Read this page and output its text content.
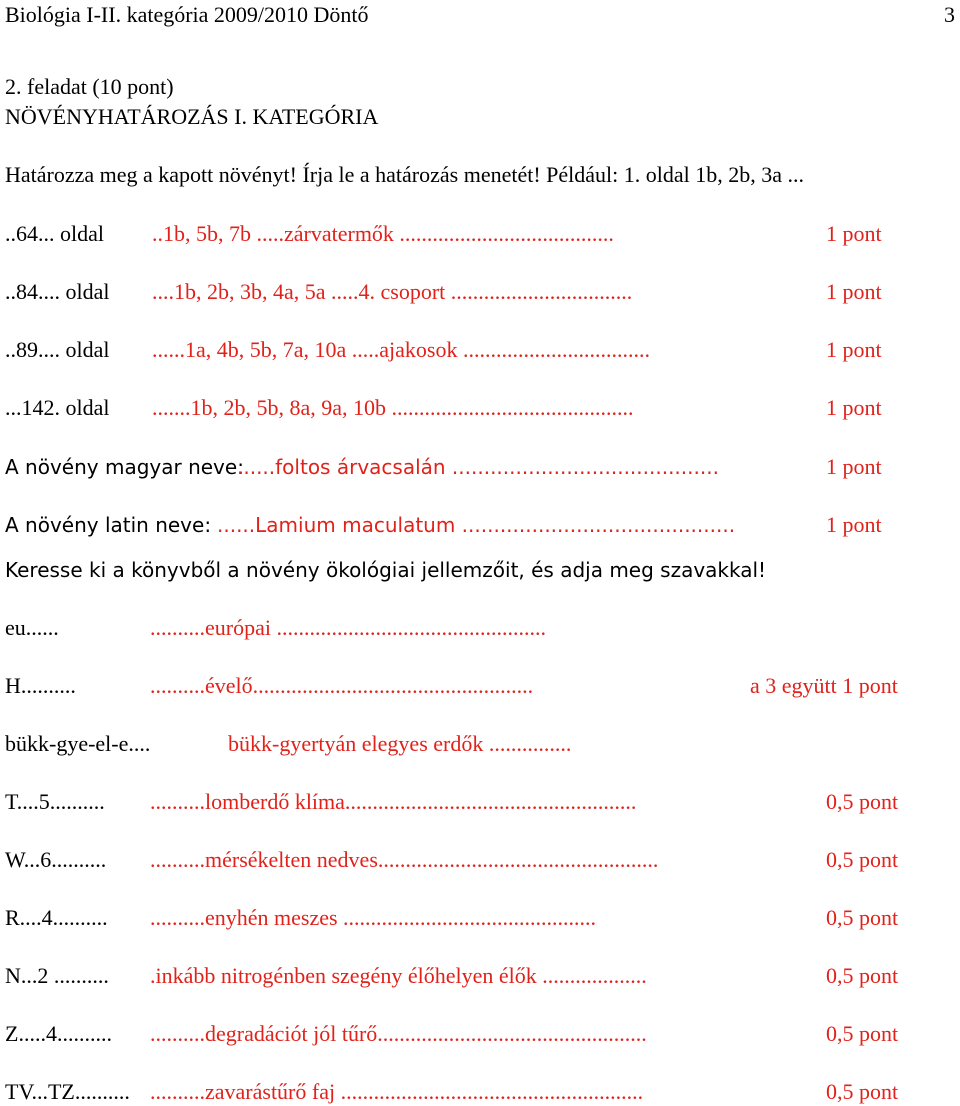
Biológia I-II. kategória 2009/2010 Döntő	3
2. feladat (10 pont)
NÖVÉNYHATÁROZÁS I. KATEGÓRIA
Határozza meg a kapott növényt! Írja le a határozás menetét! Például: 1. oldal 1b, 2b, 3a ...
..64... oldal ..1b, 5b, 7b .....zárvatermők .......................................	1 pont
..84.... oldal ....1b, 2b, 3b, 4a, 5a .....4. csoport .................................	1 pont
..89.... oldal ......1a, 4b, 5b, 7a, 10a .....ajakosok ..................................	1 pont
...142. oldal .......1b, 2b, 5b, 8a, 9a, 10b ............................................	1 pont
A növény magyar neve:
......foltos árvacsalán ..........................................	1 pont
A növény latin neve: ......Lamium maculatum ...........................................	1 pont
Keresse ki a könyvből a növény ökológiai jellemzőit, és adja meg szavakkal!
eu......	..........európai .................................................
H..........	..........évelő...................................................	a 3 együtt 1 pont
bükk-gye-el-e....	bükk-gyertyán elegyes erdők ...............
T....5.......... ..........lomberdő klíma.....................................................	0,5 pont
W...6.......... ..........mérsékelten nedves...................................................	0,5 pont
R....4.......... ..........enyhén meszes ..............................................	0,5 pont
N...2 .......... .inkább nitrogénben szegény élőhelyen élők ...................	0,5 pont
Z.....4.......... ..........degradációt jól tűrő.................................................	0,5 pont
TV...TZ.......... ..........zavarástűrő faj .......................................................	0,5 pont
